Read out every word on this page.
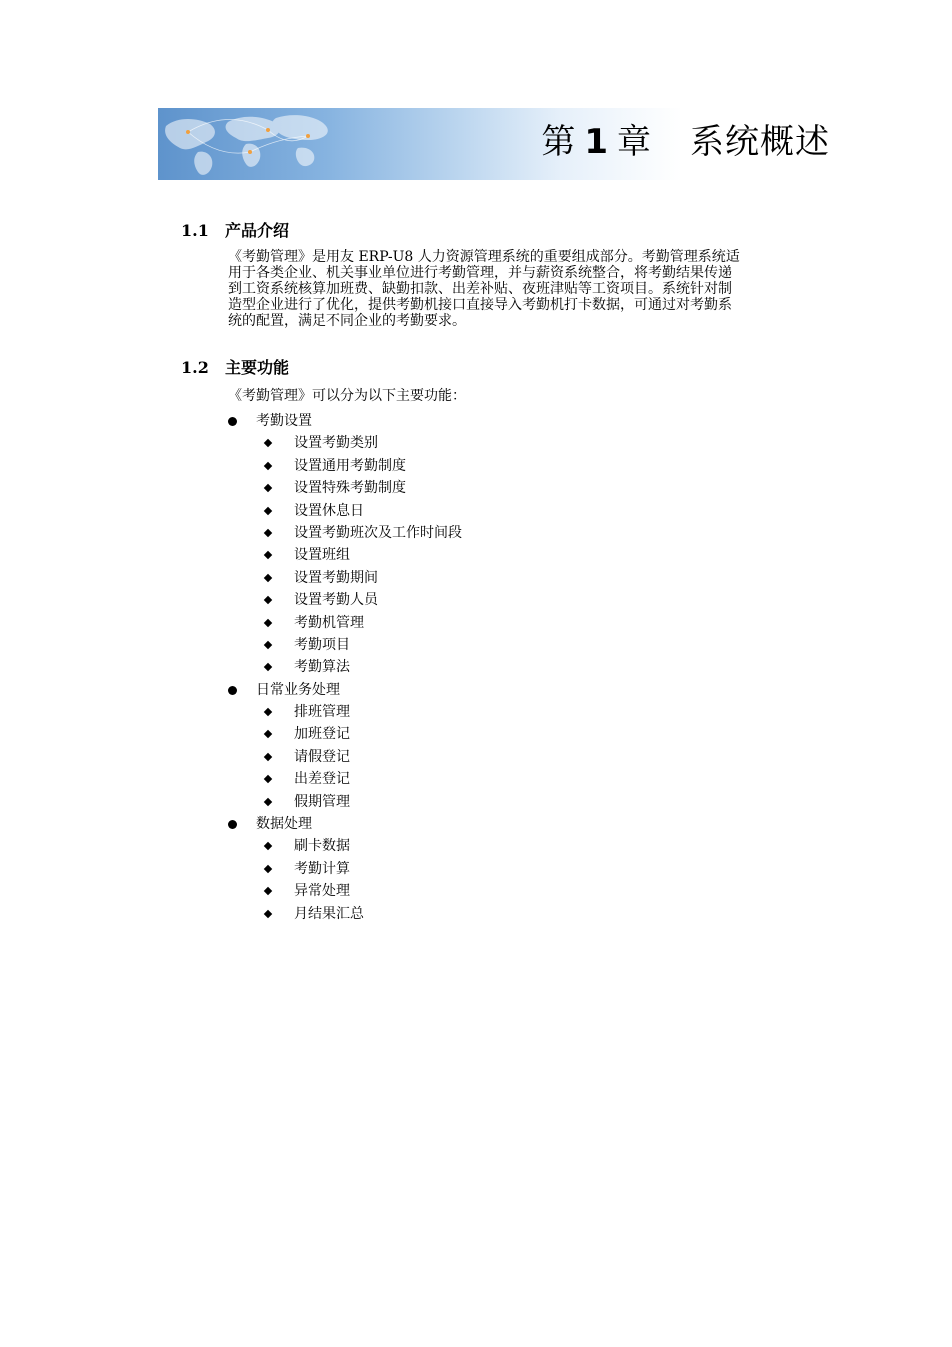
第 1 章 系统概述
1.1 产品介绍
《考勤管理》是用友 ERP-U8 人力资源管理系统的重要组成部分。考勤管理系统适
用于各类企业、机关事业单位进行考勤管理，并与薪资系统整合，将考勤结果传递
到工资系统核算加班费、缺勤扣款、出差补贴、夜班津贴等工资项目。系统针对制
造型企业进行了优化，提供考勤机接口直接导入考勤机打卡数据，可通过对考勤系
统的配置，满足不同企业的考勤要求。
1.2 主要功能
《考勤管理》可以分为以下主要功能：
考勤设置
设置考勤类别
设置通用考勤制度
设置特殊考勤制度
设置休息日
设置考勤班次及工作时间段
设置班组
设置考勤期间
设置考勤人员
考勤机管理
考勤项目
考勤算法
日常业务处理
排班管理
加班登记
请假登记
出差登记
假期管理
数据处理
刷卡数据
考勤计算
异常处理
月结果汇总
